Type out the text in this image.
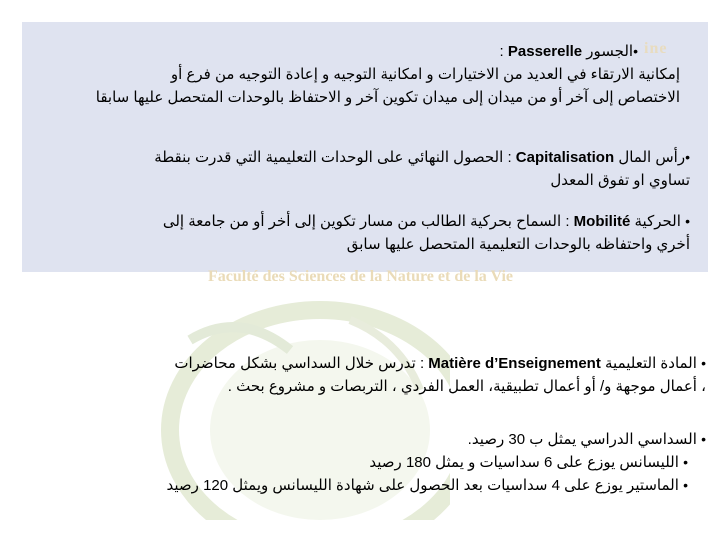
ine
Faculté des Sciences de la Nature et de la Vie

•الجسور Passerelle :

إمكانية الارتقاء في العديد من الاختيارات و امكانية التوجيه و إعادة التوجيه من فرع أو

الاختصاص إلى آخر أو من ميدان إلى ميدان تكوين آخر و الاحتفاظ بالوحدات المتحصل عليها سابقا

•رأس المال Capitalisation : الحصول النهائي على الوحدات التعليمية التي قدرت بنقطة

تساوي او تفوق المعدل

• الحركية Mobilité : السماح بحركية الطالب من مسار تكوين إلى أخر أو من جامعة إلى

أخري واحتفاظه بالوحدات التعليمية المتحصل عليها سابق

• المادة التعليمية Matière d’Enseignement : تدرس خلال السداسي بشكل محاضرات

، أعمال موجهة و/ أو أعمال تطبيقية، العمل الفردي ، التربصات و مشروع بحث .

• السداسي الدراسي يمثل ب 30 رصيد.

• الليسانس يوزع على 6 سداسيات و يمثل 180 رصيد

• الماستير يوزع على 4 سداسيات بعد الحصول على شهادة الليسانس ويمثل 120 رصيد
